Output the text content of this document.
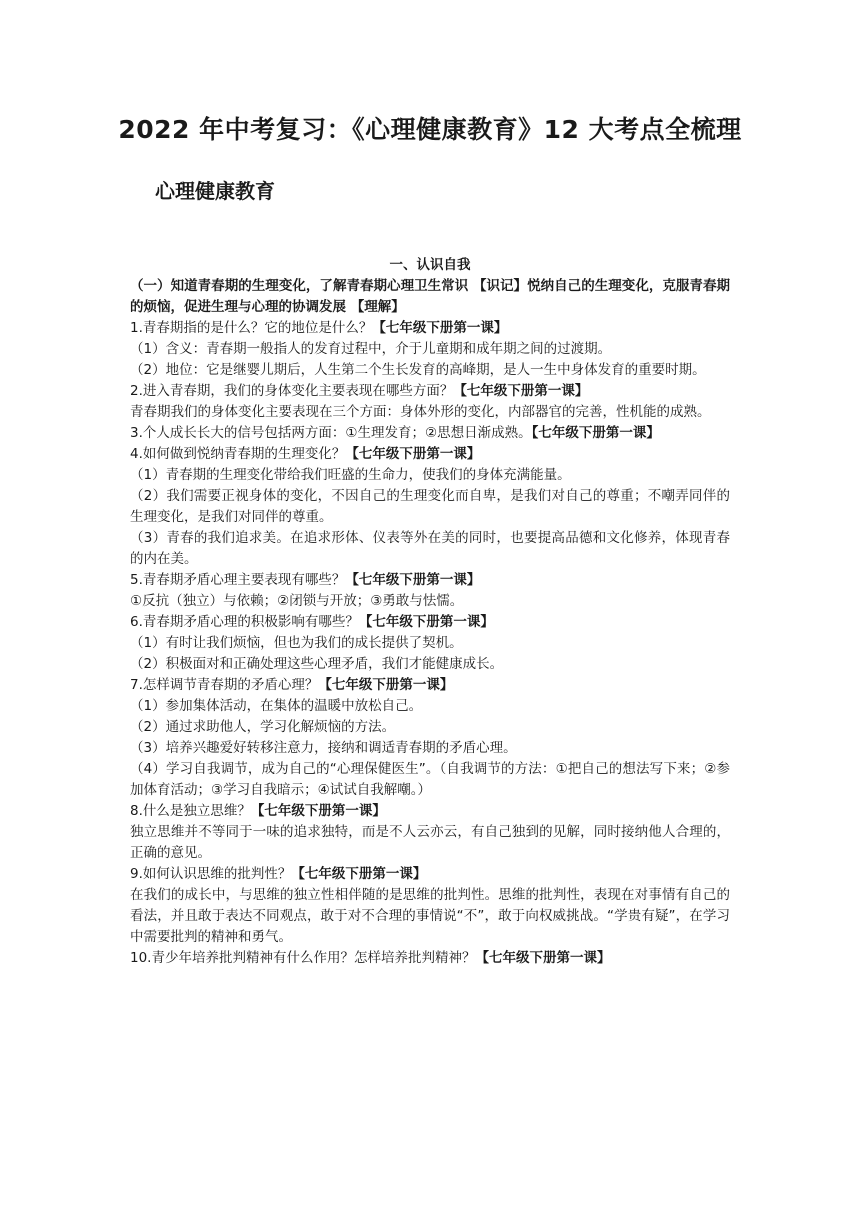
2022 年中考复习：《心理健康教育》12 大考点全梳理
心理健康教育
一、认识自我

（一）知道青春期的生理变化，了解青春期心理卫生常识 【识记】悦纳自己的生理变化，克服青春期的烦恼，促进生理与心理的协调发展 【理解】

1.青春期指的是什么？它的地位是什么？【七年级下册第一课】

（1）含义：青春期一般指人的发育过程中，介于儿童期和成年期之间的过渡期。

（2）地位：它是继婴儿期后，人生第二个生长发育的高峰期，是人一生中身体发育的重要时期。

2.进入青春期，我们的身体变化主要表现在哪些方面？【七年级下册第一课】

青春期我们的身体变化主要表现在三个方面：身体外形的变化，内部器官的完善，性机能的成熟。

3.个人成长长大的信号包括两方面：①生理发育；②思想日渐成熟。【七年级下册第一课】

4.如何做到悦纳青春期的生理变化？【七年级下册第一课】

（1）青春期的生理变化带给我们旺盛的生命力，使我们的身体充满能量。

（2）我们需要正视身体的变化，不因自己的生理变化而自卑，是我们对自己的尊重；不嘲弄同伴的生理变化，是我们对同伴的尊重。

（3）青春的我们追求美。在追求形体、仪表等外在美的同时，也要提高品德和文化修养，体现青春的内在美。

5.青春期矛盾心理主要表现有哪些？【七年级下册第一课】

①反抗（独立）与依赖；②闭锁与开放；③勇敢与怯懦。

6.青春期矛盾心理的积极影响有哪些？【七年级下册第一课】

（1）有时让我们烦恼，但也为我们的成长提供了契机。

（2）积极面对和正确处理这些心理矛盾，我们才能健康成长。

7.怎样调节青春期的矛盾心理？【七年级下册第一课】

（1）参加集体活动，在集体的温暖中放松自己。

（2）通过求助他人，学习化解烦恼的方法。

（3）培养兴趣爱好转移注意力，接纳和调适青春期的矛盾心理。

（4）学习自我调节，成为自己的“心理保健医生”。（自我调节的方法：①把自己的想法写下来；②参加体育活动；③学习自我暗示；④试试自我解嘲。）

8.什么是独立思维？【七年级下册第一课】

独立思维并不等同于一味的追求独特，而是不人云亦云，有自己独到的见解，同时接纳他人合理的，正确的意见。

9.如何认识思维的批判性？【七年级下册第一课】

在我们的成长中，与思维的独立性相伴随的是思维的批判性。思维的批判性，表现在对事情有自己的看法，并且敢于表达不同观点，敢于对不合理的事情说“不”，敢于向权威挑战。“学贵有疑”，在学习中需要批判的精神和勇气。

10.青少年培养批判精神有什么作用？怎样培养批判精神？【七年级下册第一课】
